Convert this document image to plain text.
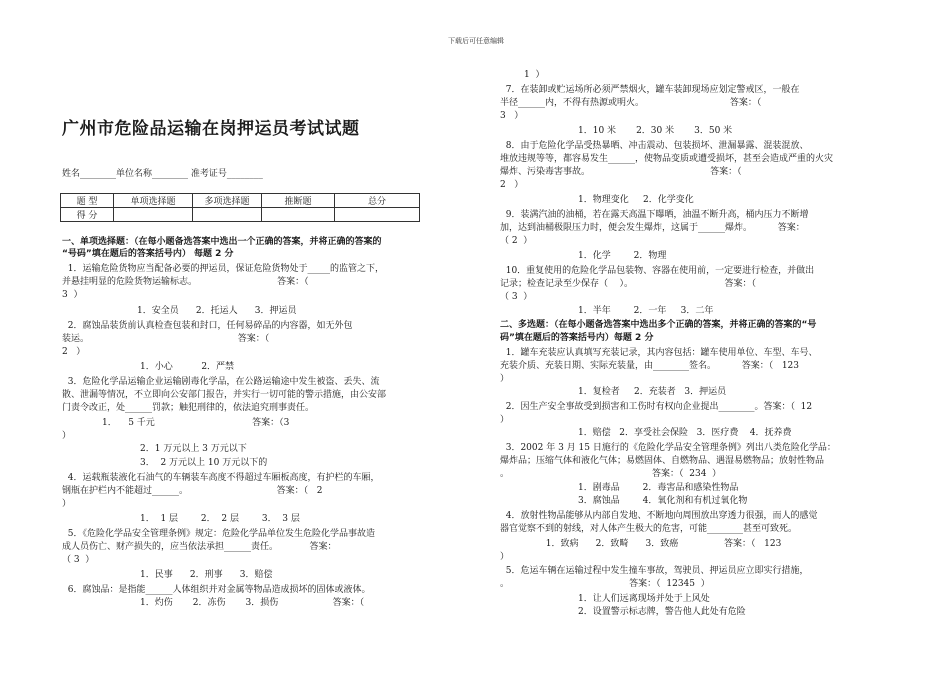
下载后可任意编辑
广州市危险品运输在岗押运员考试试题
姓名________单位名称________ 准考证号________
题 型	单项选择题	多项选择题	推断题	总分
得 分				
一、单项选择题：（在每小题备选答案中选出一个正确的答案，并将正确的答案的
“号码”填在题后的答案括号内） 每题 2 分
1．运输危险货物应当配备必要的押运员，保证危险货物处于_____的监管之下，
并悬挂明显的危险货物运输标志。                            答案：（
3  ）
1．安全员      2．托运人      3．押运员
2．腐蚀品装货前认真检查包装和封口，任何易碎品的内容器，如无外包
装运。                                                    答案：（
2   ）
1．小心          2．严禁
3．危险化学品运输企业运输剧毒化学品，在公路运输途中发生被盗、丢失、流
散、泄漏等情况，不立即向公安部门报告，并实行一切可能的警示措施，由公安部
门责令改正，处______罚款；触犯刑律的，依法追究刑事责任。
1．    5 千元                                  答案：（3
）
2．1 万元以上 3 万元以下
3．  2 万元以上 10 万元以下的
4．运载瓶装液化石油气的车辆装车高度不得超过车厢板高度，有护栏的车厢，
钢瓶在护栏内不能超过______。                               答案：（   2
）
1．  1 层        2．  2 层        3．  3 层
5．《危险化学品安全管理条例》规定：危险化学品单位发生危险化学品事故造
成人员伤亡、财产损失的，应当依法承担______责任。           答案：
（ 3  ）
1．民事      2．刑事      3．赔偿
6．腐蚀品：是指能______人体组织并对金属等物品造成损坏的固体或液体。
1．灼伤       2．冻伤       3．损伤                   答案：（
1  ）
7．在装卸或贮运场所必须严禁烟火，罐车装卸现场应划定警戒区，一般在
半径______内，不得有热源或明火。                              答案：（
3   ）
1．10 米       2．30 米       3．50 米
8．由于危险化学品受热暴晒、冲击震动、包装损坏、泄漏暴露、混装混放、
堆放违规等等，都容易发生______，使物品变质或遭受损坏，甚至会造成严重的火灾
爆炸、污染毒害事故。                                          答案：（
2   ）
1．物理变化     2．化学变化
9．装满汽油的油桶，若在露天高温下曝晒，油温不断升高，桶内压力不断增
加，达到油桶极限压力时，便会发生爆炸，这属于______爆炸。         答案：
（ 2  ）
1．化学        2．物理
10．重复使用的危险化学品包装物、容器在使用前，一定要进行检查，并做出
记录；检查记录至少保存（    ）。                                答案：（
（ 3  ）
1．半年        2．一年     3．二年
二、多选题：（在每小题备选答案中选出多个正确的答案，并将正确的答案的“号
码”填在题后的答案括号内）每题 2 分
1．罐车充装应认真填写充装记录，其内容包括：罐车使用单位、车型、车号、
充装介质、充装日期、实际充装量，由________签名。         答案：（   123
）
1．复检者     2．充装者   3．押运员
2．因生产安全事故受到损害和工伤时有权向企业提出________。答案：（  12
）
1．赔偿   2．享受社会保险   3．医疗费    4．抚养费
3．2002 年 3 月 15 日施行的《危险化学品安全管理条例》列出八类危险化学品：
爆炸品；压缩气体和液化气体；易燃固体、自燃物品、遇湿易燃物品；放射性物品
。                                                  答案：（  234  ）
1．剧毒品        2．毒害品和感染性物品
3．腐蚀品        4．氧化剂和有机过氧化物
4．放射性物品能够从内部自发地、不断地向周围放出穿透力很强，而人的感觉
器官觉察不到的射线，对人体产生极大的危害，可能________甚至可致死。
1．致病      2．致畸      3．致癌                答案：（   123
）
5．危运车辆在运输过程中发生撞车事故，驾驶员、押运员应立即实行措施，
。                                          答案：（  12345  ）
1．让人们远离现场并处于上风处
2．设置警示标志牌，警告他人此处有危险
